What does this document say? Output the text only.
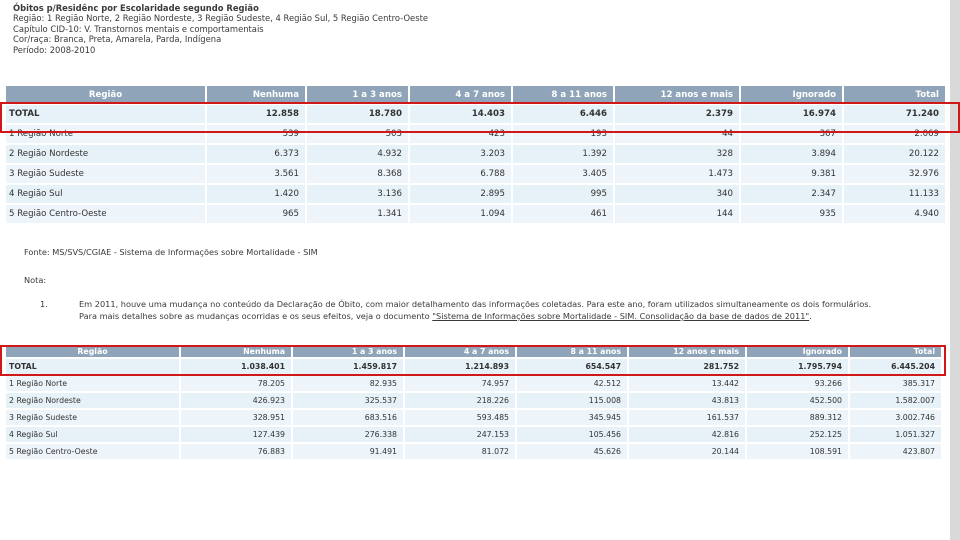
Óbitos p/Residênc por Escolaridade segundo Região
Região: 1 Região Norte, 2 Região Nordeste, 3 Região Sudeste, 4 Região Sul, 5 Região Centro-Oeste
Capítulo CID-10: V. Transtornos mentais e comportamentais
Cor/raça: Branca, Preta, Amarela, Parda, Indígena
Período: 2008-2010
Região	Nenhuma	1 a 3 anos	4 a 7 anos	8 a 11 anos	12 anos e mais	Ignorado	Total
TOTAL	12.858	18.780	14.403	6.446	2.379	16.974	71.240
1 Região Norte	539	503	423	193	44	367	2.069
2 Região Nordeste	6.373	4.932	3.203	1.392	328	3.894	20.122
3 Região Sudeste	3.561	8.368	6.788	3.405	1.473	9.381	32.976
4 Região Sul	1.420	3.136	2.895	995	340	2.347	11.133
5 Região Centro-Oeste	965	1.341	1.094	461	144	935	4.940
Fonte: MS/SVS/CGIAE - Sistema de Informações sobre Mortalidade - SIM
Nota:
1.	Em 2011, houve uma mudança no conteúdo da Declaração de Óbito, com maior detalhamento das informações coletadas. Para este ano, foram utilizados simultaneamente os dois formulários.
Para mais detalhes sobre as mudanças ocorridas e os seus efeitos, veja o documento "Sistema de Informações sobre Mortalidade - SIM. Consolidação da base de dados de 2011".
Região	Nenhuma	1 a 3 anos	4 a 7 anos	8 a 11 anos	12 anos e mais	Ignorado	Total
TOTAL	1.038.401	1.459.817	1.214.893	654.547	281.752	1.795.794	6.445.204
1 Região Norte	78.205	82.935	74.957	42.512	13.442	93.266	385.317
2 Região Nordeste	426.923	325.537	218.226	115.008	43.813	452.500	1.582.007
3 Região Sudeste	328.951	683.516	593.485	345.945	161.537	889.312	3.002.746
4 Região Sul	127.439	276.338	247.153	105.456	42.816	252.125	1.051.327
5 Região Centro-Oeste	76.883	91.491	81.072	45.626	20.144	108.591	423.807
